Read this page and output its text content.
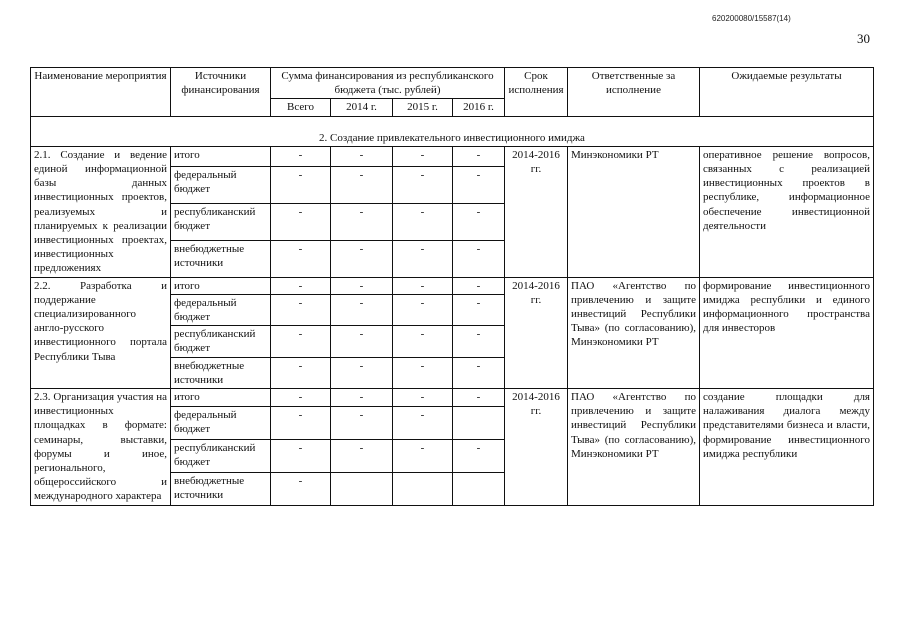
620200080/15587(14)
30
Наименование мероприятия	Источники финансирования	Сумма финансирования из республиканского бюджета (тыс. рублей)				Срок исполнения	Ответственные за исполнение	Ожидаемые результаты
		Всего	2014 г.	2015 г.	2016 г.			
2. Создание привлекательного инвестиционного имиджа								
2.1. Создание и ведение единой информационной базы данных инвестиционных проектов, реализуемых и планируемых к реализации инвестиционных проектах, инвестиционных предложениях	итого	-	-	-	-	2014-2016 гг.	Минэкономики РТ	оперативное решение вопросов, связанных с реализацией инвестиционных проектов в республике, информационное обеспечение инвестиционной деятельности
	федеральный бюджет	-	-	-	-			
	республиканский бюджет	-	-	-	-			
	внебюджетные источники	-	-	-	-			
2.2. Разработка и поддержание специализированного англо-русского инвестиционного портала Республики Тыва	итого	-	-	-	-	2014-2016 гг.	ПАО «Агентство по привлечению и защите инвестиций Республики Тыва» (по согласованию), Минэкономики РТ	формирование инвестиционного имиджа республики и единого информационного пространства для инвесторов
	федеральный бюджет	-	-	-	-			
	республиканский бюджет	-	-	-	-			
	внебюджетные источники	-	-	-	-			
2.3. Организация участия на инвестиционных площадках в формате: семинары, выставки, форумы и иное, регионального, общероссийского и международного характера	итого	-	-	-	-	2014-2016 гг.	ПАО «Агентство по привлечению и защите инвестиций Республики Тыва» (по согласованию), Минэкономики РТ	создание площадки для налаживания диалога между представителями бизнеса и власти, формирование инвестиционного имиджа республики
	федеральный бюджет	-	-	-				
	республиканский бюджет	-	-	-	-			
	внебюджетные источники	-						
